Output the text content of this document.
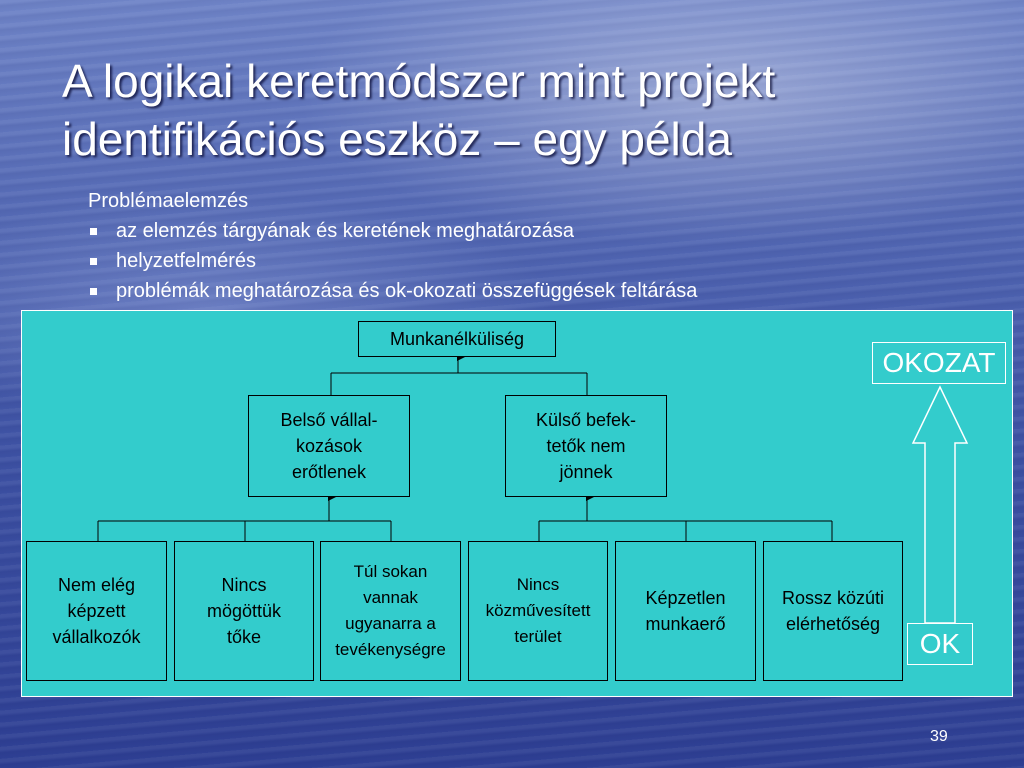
A logikai keretmódszer mint projekt
identifikációs eszköz – egy példa
Problémaelemzés
az elemzés tárgyának és keretének meghatározása
helyzetfelmérés
problémák meghatározása és ok-okozati összefüggések feltárása
Munkanélküliség
Belső vállal-
kozások
erőtlenek
Külső befek-
tetők nem
jönnek
Nem elég
képzett
vállalkozók
Nincs
mögöttük
tőke
Túl sokan
vannak
ugyanarra a
tevékenységre
Nincs
közművesített
terület
Képzetlen
munkaerő
Rossz közúti
elérhetőség
OKOZAT
OK
39
